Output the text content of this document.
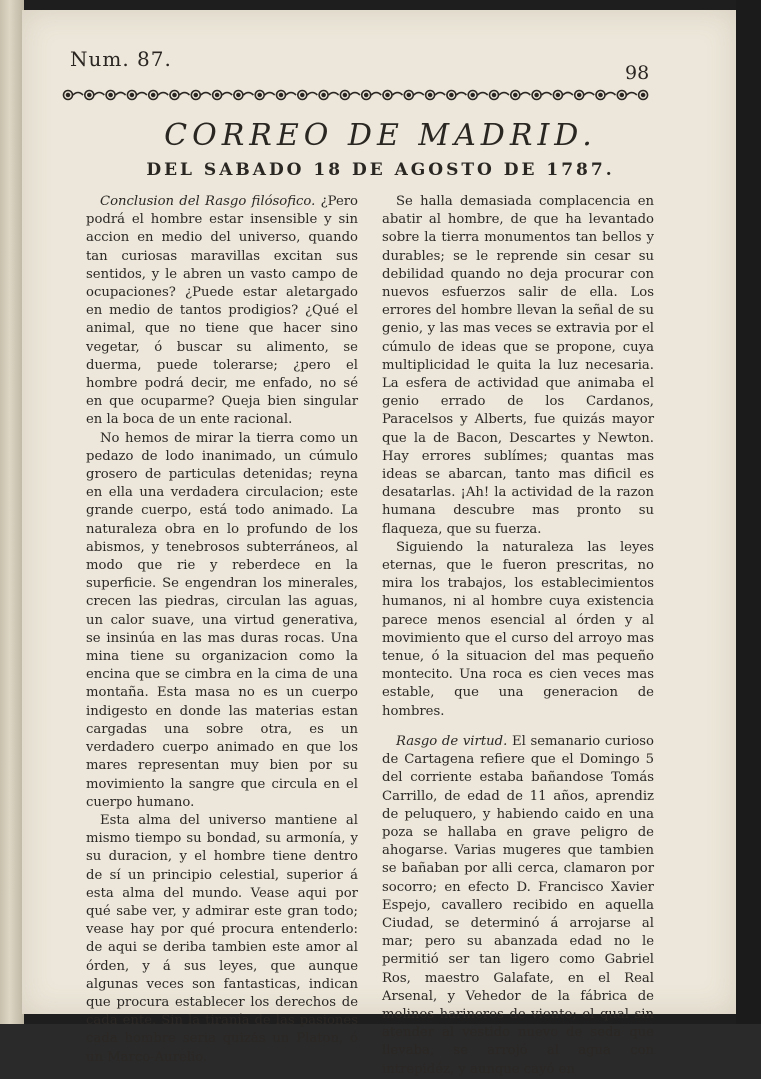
Num. 87.
98
CORREO DE MADRID.
DEL SABADO 18 DE AGOSTO DE 1787.

Conclusion del Rasgo filósofico. ¿Pero podrá el hombre estar insensible y sin accion en medio del universo, quando tan curiosas maravillas excitan sus sentidos, y le abren un vasto campo de ocupaciones? ¿Puede estar aletargado en medio de tantos prodigios? ¿Qué el animal, que no tiene que hacer sino vegetar, ó buscar su alimento, se duerma, puede tolerarse; ¿pero el hombre podrá decir, me enfado, no sé en que ocuparme? Queja bien singular en la boca de un ente racional.

No hemos de mirar la tierra como un pedazo de lodo inanimado, un cúmulo grosero de particulas detenidas; reyna en ella una verdadera circulacion; este grande cuerpo, está todo animado. La naturaleza obra en lo profundo de los abismos, y tenebrosos subterráneos, al modo que rie y reberdece en la superficie. Se engendran los minerales, crecen las piedras, circulan las aguas, un calor suave, una virtud generativa, se insinúa en las mas duras rocas. Una mina tiene su organizacion como la encina que se cimbra en la cima de una montaña. Esta masa no es un cuerpo indigesto en donde las materias estan cargadas una sobre otra, es un verdadero cuerpo animado en que los mares representan muy bien por su movimiento la sangre que circula en el cuerpo humano.

Esta alma del universo mantiene al mismo tiempo su bondad, su armonía, y su duracion, y el hombre tiene dentro de sí un principio celestial, superior á esta alma del mundo. Vease aqui por qué sabe ver, y admirar este gran todo; vease hay por qué procura entenderlo: de aqui se deriba tambien este amor al órden, y á sus leyes, que aunque algunas veces son fantasticas, indican que procura establecer los derechos de cada ente. Sin la tiranía de las pasiones cada hombre seria quizás un Platon, ó un Marco-Aurelio.

Se halla demasiada complacencia en abatir al hombre, de que ha levantado sobre la tierra monumentos tan bellos y durables; se le reprende sin cesar su debilidad quando no deja procurar con nuevos esfuerzos salir de ella. Los errores del hombre llevan la señal de su genio, y las mas veces se extravia por el cúmulo de ideas que se propone, cuya multiplicidad le quita la luz necesaria. La esfera de actividad que animaba el genio errado de los Cardanos, Paracelsos y Alberts, fue quizás mayor que la de Bacon, Descartes y Newton. Hay errores sublímes; quantas mas ideas se abarcan, tanto mas dificil es desatarlas. ¡Ah! la actividad de la razon humana descubre mas pronto su flaqueza, que su fuerza.

Siguiendo la naturaleza las leyes eternas, que le fueron prescritas, no mira los trabajos, los establecimientos humanos, ni al hombre cuya existencia parece menos esencial al órden y al movimiento que el curso del arroyo mas tenue, ó la situacion del mas pequeño montecito. Una roca es cien veces mas estable, que una generacion de hombres.

Rasgo de virtud. El semanario curioso de Cartagena refiere que el Domingo 5 del corriente estaba bañandose Tomás Carrillo, de edad de 11 años, aprendiz de peluquero, y habiendo caido en una poza se hallaba en grave peligro de ahogarse. Varias mugeres que tambien se bañaban por alli cerca, clamaron por socorro; en efecto D. Francisco Xavier Espejo, cavallero recibido en aquella Ciudad, se determinó á arrojarse al mar; pero su abanzada edad no le permitió ser tan ligero como Gabriel Ros, maestro Galafate, en el Real Arsenal, y Vehedor de la fábrica de molinos harineros de viento; el qual sin atender al vestido nuevo de seda que llevaba, se arrojó al agua con intrepidéz, y aunque cayó en
